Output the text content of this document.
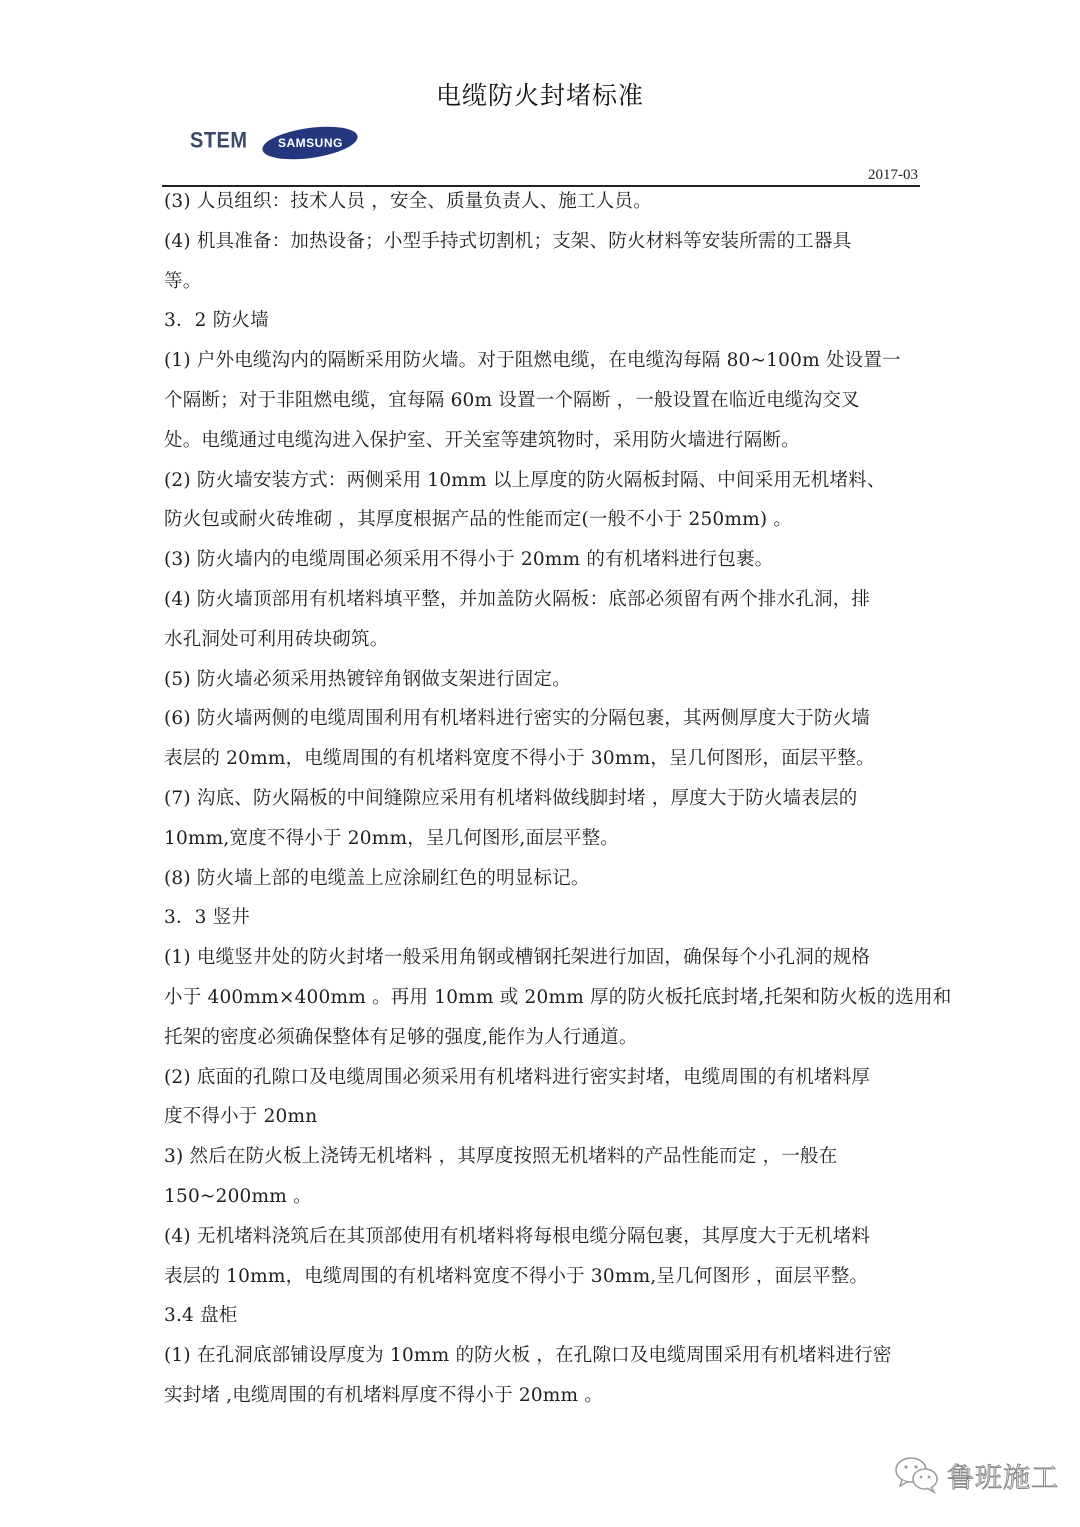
电缆防火封堵标准
STEM	SAMSUNG
2017-03
(3) 人员组织：技术人员 ，安全、质量负责人、施工人员。
(4) 机具准备：加热设备；小型手持式切割机；支架、防火材料等安装所需的工器具
等。
3．2 防火墙
(1) 户外电缆沟内的隔断采用防火墙。对于阻燃电缆，在电缆沟每隔 80~100m 处设置一
个隔断；对于非阻燃电缆，宜每隔 60m 设置一个隔断 ，一般设置在临近电缆沟交叉
处。电缆通过电缆沟进入保护室、开关室等建筑物时，采用防火墙进行隔断。
(2) 防火墙安装方式：两侧采用 10mm 以上厚度的防火隔板封隔、中间采用无机堵料、
防火包或耐火砖堆砌 ，其厚度根据产品的性能而定(一般不小于 250mm) 。
(3) 防火墙内的电缆周围必须采用不得小于 20mm 的有机堵料进行包裹。
(4) 防火墙顶部用有机堵料填平整，并加盖防火隔板：底部必须留有两个排水孔洞，排
水孔洞处可利用砖块砌筑。
(5) 防火墙必须采用热镀锌角钢做支架进行固定。
(6) 防火墙两侧的电缆周围利用有机堵料进行密实的分隔包裹，其两侧厚度大于防火墙
表层的 20mm，电缆周围的有机堵料宽度不得小于 30mm，呈几何图形，面层平整。
(7) 沟底、防火隔板的中间缝隙应采用有机堵料做线脚封堵 ，厚度大于防火墙表层的
10mm,宽度不得小于 20mm，呈几何图形,面层平整。
(8) 防火墙上部的电缆盖上应涂刷红色的明显标记。
3．3 竖井
(1) 电缆竖井处的防火封堵一般采用角钢或槽钢托架进行加固，确保每个小孔洞的规格
小于 400mm×400mm 。再用 10mm 或 20mm 厚的防火板托底封堵,托架和防火板的选用和
托架的密度必须确保整体有足够的强度,能作为人行通道。
(2) 底面的孔隙口及电缆周围必须采用有机堵料进行密实封堵，电缆周围的有机堵料厚
度不得小于 20mn
3) 然后在防火板上浇铸无机堵料 ，其厚度按照无机堵料的产品性能而定 ，一般在
150~200mm 。
(4) 无机堵料浇筑后在其顶部使用有机堵料将每根电缆分隔包裹，其厚度大于无机堵料
表层的 10mm，电缆周围的有机堵料宽度不得小于 30mm,呈几何图形 ，面层平整。
3.4 盘柜
(1) 在孔洞底部铺设厚度为 10mm 的防火板 ，在孔隙口及电缆周围采用有机堵料进行密
实封堵 ,电缆周围的有机堵料厚度不得小于 20mm 。
鲁班施工
